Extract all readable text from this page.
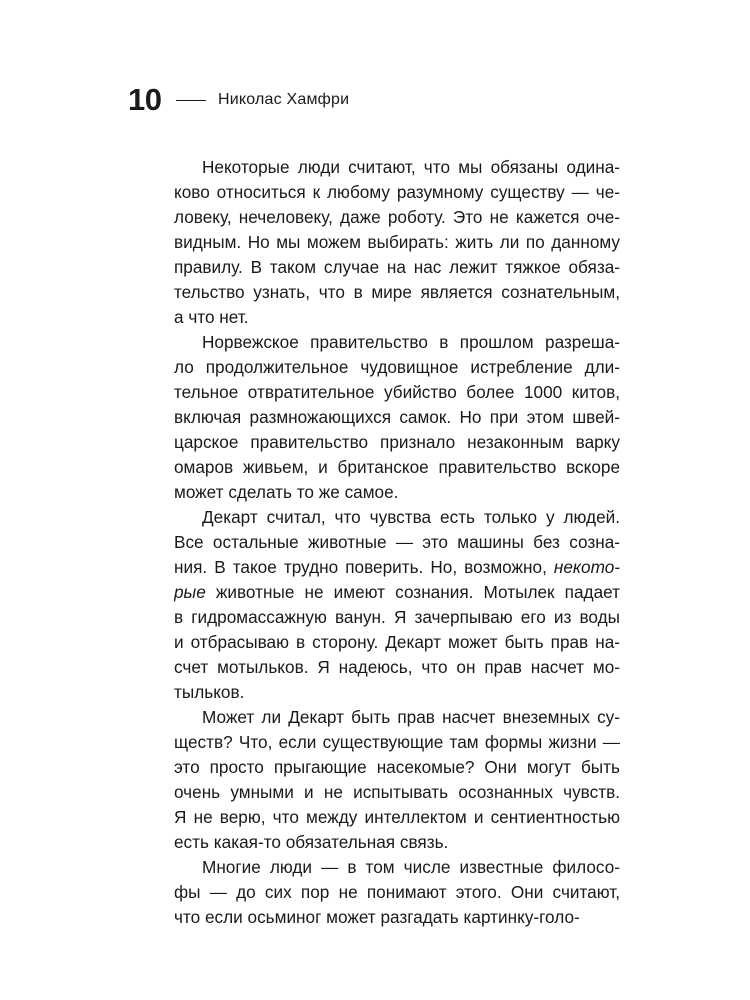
10	Николас Хамфри
Некоторые люди считают, что мы обязаны одина-
ково относиться к любому разумному существу — че-
ловеку, нечеловеку, даже роботу. Это не кажется оче-
видным. Но мы можем выбирать: жить ли по данному
правилу. В таком случае на нас лежит тяжкое обяза-
тельство узнать, что в мире является сознательным,
а что нет.
Норвежское правительство в прошлом разреша-
ло продолжительное чудовищное истребление дли-
тельное отвратительное убийство более 1000 китов,
включая размножающихся самок. Но при этом швей-
царское правительство признало незаконным варку
омаров живьем, и британское правительство вскоре
может сделать то же самое.
Декарт считал, что чувства есть только у людей.
Все остальные животные — это машины без созна-
ния. В такое трудно поверить. Но, возможно, некото-
рые животные не имеют сознания. Мотылек падает
в гидромассажную ванун. Я зачерпываю его из воды
и отбрасываю в сторону. Декарт может быть прав на-
счет мотыльков. Я надеюсь, что он прав насчет мо-
тыльков.
Может ли Декарт быть прав насчет внеземных су-
ществ? Что, если существующие там формы жизни —
это просто прыгающие насекомые? Они могут быть
очень умными и не испытывать осознанных чувств.
Я не верю, что между интеллектом и сентиентностью
есть какая-то обязательная связь.
Многие люди — в том числе известные филосо-
фы — до сих пор не понимают этого. Они считают,
что если осьминог может разгадать картинку-голо-
